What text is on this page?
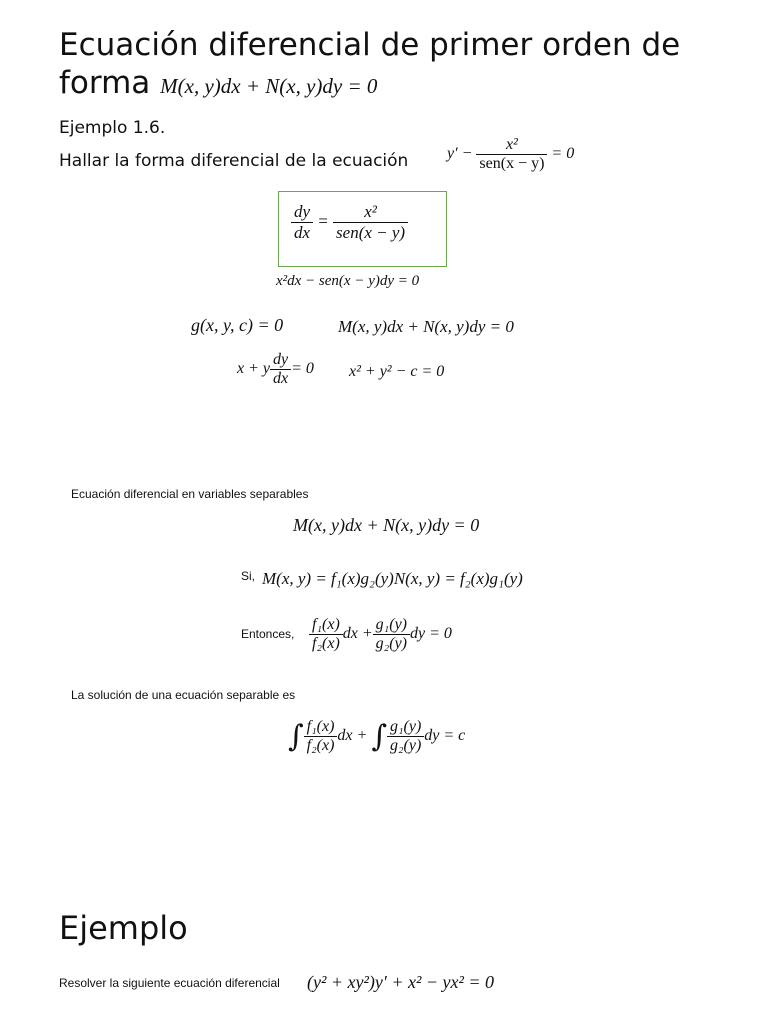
Ecuación diferencial de primer orden de
forma M(x, y)dx + N(x, y)dy = 0
Ejemplo 1.6.
Hallar la forma diferencial de la ecuación $y' - \frac{\text{x²}}{\text{sen(x − y)}} = 0$
$\frac{dy}{dx} = \frac{\text{x²}}{\text{sen(x − y)}}$
x²dx − sen(x − y)dy = 0
g(x, y, c) = 0	M(x, y)dx + N(x, y)dy = 0
x + y $\frac{dy}{dx} = 0$ x² + y² − c = 0
Ecuación diferencial en variables separables
M(x, y)dx + N(x, y)dy = 0
Si, M(x, y) = f₁(x)g₂(y)N(x, y) = f₂(x)g₁(y)
Entonces, $\frac{\text{f₁(x)}}{\text{f₂(x)}}$ dx + $\frac{\text{g₁(y)}}{\text{g₂(y)}}$ dy = 0
La solución de una ecuación separable es
∫ $\frac{\text{f₁(x)}}{\text{f₂(x)}}$ dx + ∫ $\frac{\text{g₁(y)}}{\text{g₂(y)}}$ dy = c
Ejemplo
Resolver la siguiente ecuación diferencial (y² + xy²)y′ + x² − yx² = 0
